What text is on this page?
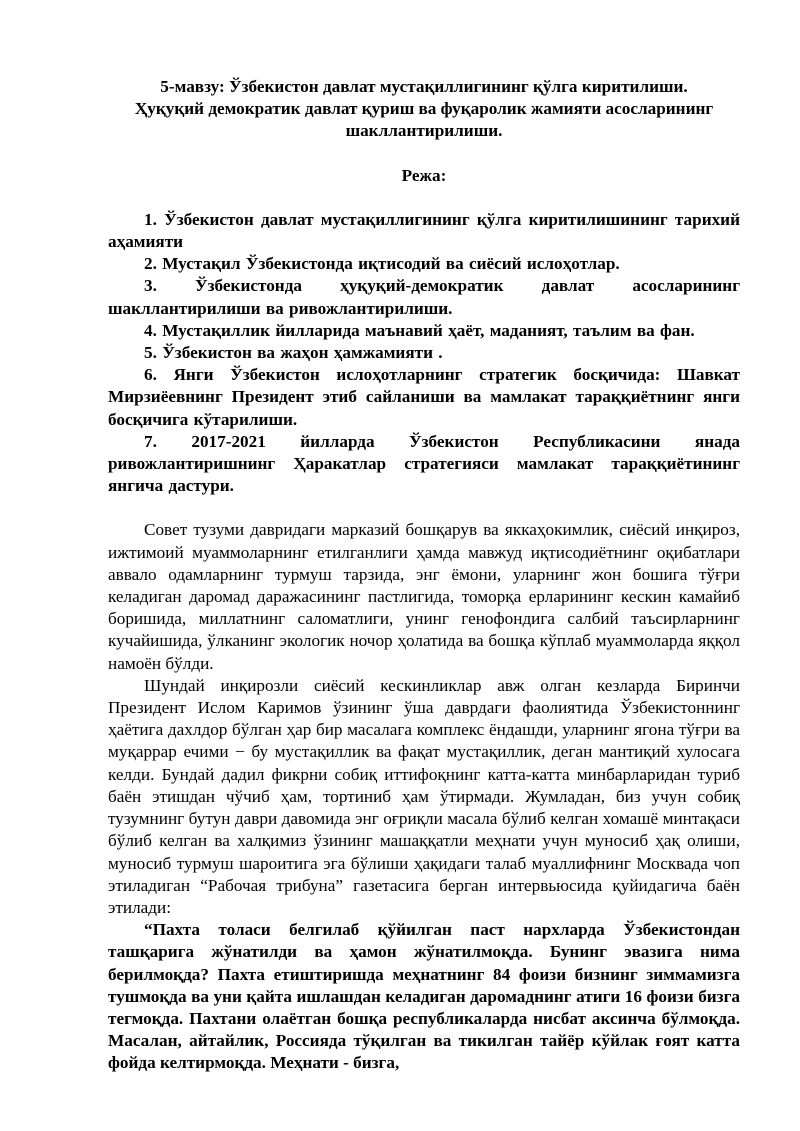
5-мавзу: Ўзбекистон давлат мустақиллигининг қўлга киритилиши.
Ҳуқуқий демократик давлат қуриш ва фуқаролик жамияти асосларининг шакллантирилиши.

Режа:

1. Ўзбекистон давлат мустақиллигининг қўлга киритилишининг тарихий аҳамияти
2. Мустақил Ўзбекистонда иқтисодий ва сиёсий ислоҳотлар.
3. Ўзбекистонда ҳуқуқий-демократик давлат асосларининг шакллантирилиши ва ривожлантирилиши.
4. Мустақиллик йилларида маънавий ҳаёт, маданият, таълим ва фан.
5. Ўзбекистон ва жаҳон ҳамжамияти .
6. Янги Ўзбекистон ислоҳотларнинг стратегик босқичида: Шавкат Мирзиёевнинг Президент этиб сайланиши ва мамлакат тараққиётнинг янги босқичига кўтарилиши.
7. 2017-2021 йилларда Ўзбекистон Республикасини янада ривожлантиришнинг Ҳаракатлар стратегияси мамлакат тараққиётининг янгича дастури.

Совет тузуми давридаги марказий бошқарув ва яккаҳокимлик, сиёсий инқироз, ижтимоий муаммоларнинг етилганлиги ҳамда мавжуд иқтисодиётнинг оқибатлари аввало одамларнинг турмуш тарзида, энг ёмони, уларнинг жон бошига тўғри келадиган даромад даражасининг пастлигида, томорқа ерларининг кескин камайиб боришида, миллатнинг саломатлиги, унинг генофондига салбий таъсирларнинг кучайишида, ўлканинг экологик ночор ҳолатида ва бошқа кўплаб муаммоларда яққол намоён бўлди.

Шундай инқирозли сиёсий кескинликлар авж олган кезларда Биринчи Президент Ислом Каримов ўзининг ўша даврдаги фаолиятида Ўзбекистоннинг ҳаётига дахлдор бўлган ҳар бир масалага комплекс ёндашди, уларнинг ягона тўғри ва муқаррар ечими − бу мустақиллик ва фақат мустақиллик, деган мантиқий хулосага келди. Бундай дадил фикрни собиқ иттифоқнинг катта-катта минбарларидан туриб баён этишдан чўчиб ҳам, тортиниб ҳам ўтирмади. Жумладан, биз учун собиқ тузумнинг бутун даври давомида энг оғриқли масала бўлиб келган хомашё минтақаси бўлиб келган ва халқимиз ўзининг машаққатли меҳнати учун муносиб ҳақ олиши, муносиб турмуш шароитига эга бўлиши ҳақидаги талаб муаллифнинг Москвада чоп этиладиган “Рабочая трибуна” газетасига берган интервьюсида қуйидагича баён этилади:

“Пахта толаси белгилаб қўйилган паст нархларда Ўзбекистондан ташқарига жўнатилди ва ҳамон жўнатилмоқда. Бунинг эвазига нима берилмоқда? Пахта етиштиришда меҳнатнинг 84 фоизи бизнинг зиммамизга тушмоқда ва уни қайта ишлашдан келадиган даромаднинг атиги 16 фоизи бизга тегмоқда. Пахтани олаётган бошқа республикаларда нисбат аксинча бўлмоқда. Масалан, айтайлик, Россияда тўқилган ва тикилган тайёр кўйлак ғоят катта фойда келтирмоқда. Меҳнати - бизга,
